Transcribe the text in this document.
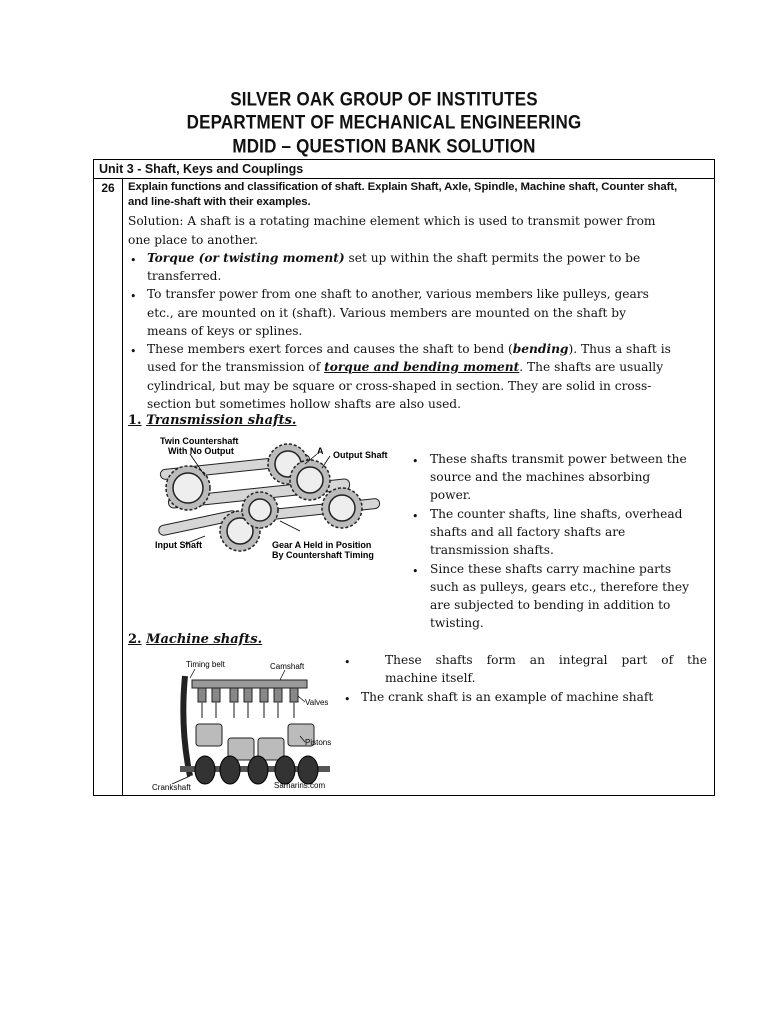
SILVER OAK GROUP OF INSTITUTES
DEPARTMENT OF MECHANICAL ENGINEERING
MDID – QUESTION BANK SOLUTION
Unit 3 - Shaft, Keys and Couplings
26	Explain functions and classification of shaft. Explain Shaft, Axle, Spindle, Machine shaft, Counter shaft,
and line-shaft with their examples.
Solution: A shaft is a rotating machine element which is used to transmit power from
one place to another.
• Torque (or twisting moment) set up within the shaft permits the power to be
transferred.
• To transfer power from one shaft to another, various members like pulleys, gears
etc., are mounted on it (shaft). Various members are mounted on the shaft by
means of keys or splines.
• These members exert forces and causes the shaft to bend (bending). Thus a shaft is
used for the transmission of torque and bending moment. The shafts are usually
cylindrical, but may be square or cross-shaped in section. They are solid in cross-
section but sometimes hollow shafts are also used.
1. Transmission shafts.
Twin Countershaft
With No Output	A Output Shaft
Input Shaft	Gear A Held in Position
By Countershaft Timing
• These shafts transmit power between the
source and the machines absorbing
power.
• The counter shafts, line shafts, overhead
shafts and all factory shafts are
transmission shafts.
• Since these shafts carry machine parts
such as pulleys, gears etc., therefore they
are subjected to bending in addition to
twisting.
2. Machine shafts.
Timing belt	Camshaft
Valves
Pistons
Crankshaft	Samarins.com
•	These shafts form an integral part of the
machine itself.
• The crank shaft is an example of machine shaft
